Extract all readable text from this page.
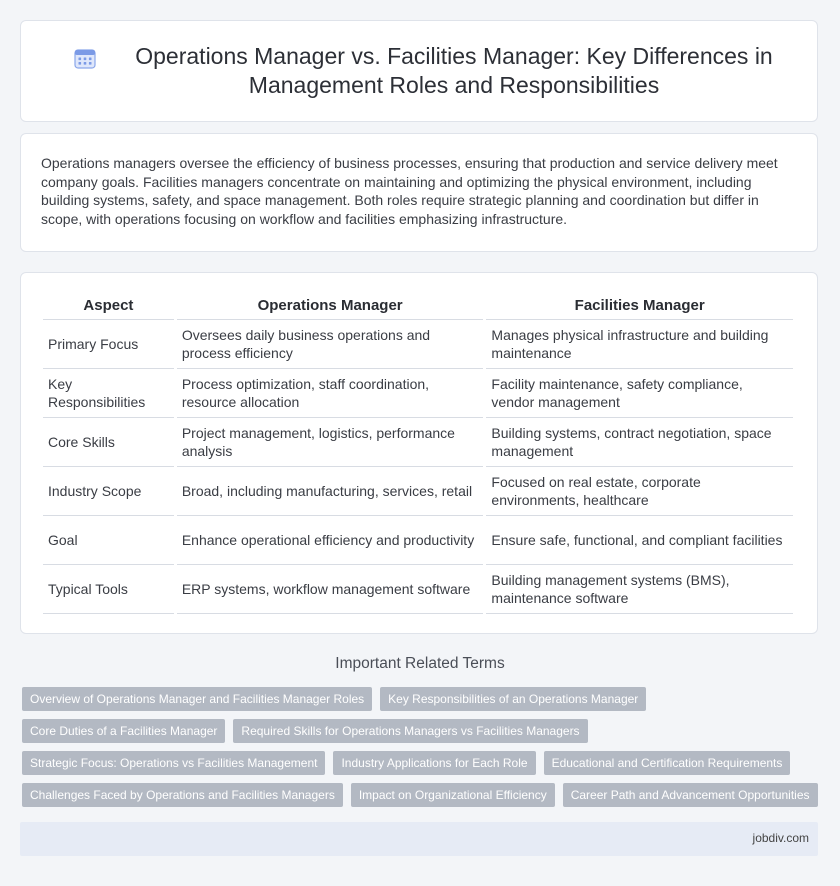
Operations Manager vs. Facilities Manager: Key Differences in Management Roles and Responsibilities

Operations managers oversee the efficiency of business processes, ensuring that production and service delivery meet company goals. Facilities managers concentrate on maintaining and optimizing the physical environment, including building systems, safety, and space management. Both roles require strategic planning and coordination but differ in scope, with operations focusing on workflow and facilities emphasizing infrastructure.

Aspect	Operations Manager	Facilities Manager
Primary Focus	Oversees daily business operations and process efficiency	Manages physical infrastructure and building maintenance
Key Responsibilities	Process optimization, staff coordination, resource allocation	Facility maintenance, safety compliance, vendor management
Core Skills	Project management, logistics, performance analysis	Building systems, contract negotiation, space management
Industry Scope	Broad, including manufacturing, services, retail	Focused on real estate, corporate environments, healthcare
Goal	Enhance operational efficiency and productivity	Ensure safe, functional, and compliant facilities
Typical Tools	ERP systems, workflow management software	Building management systems (BMS), maintenance software
Important Related Terms
Overview of Operations Manager and Facilities Manager Roles	Key Responsibilities of an Operations Manager
Core Duties of a Facilities Manager	Required Skills for Operations Managers vs Facilities Managers
Strategic Focus: Operations vs Facilities Management	Industry Applications for Each Role	Educational and Certification Requirements
Challenges Faced by Operations and Facilities Managers	Impact on Organizational Efficiency	Career Path and Advancement Opportunities
jobdiv.com
